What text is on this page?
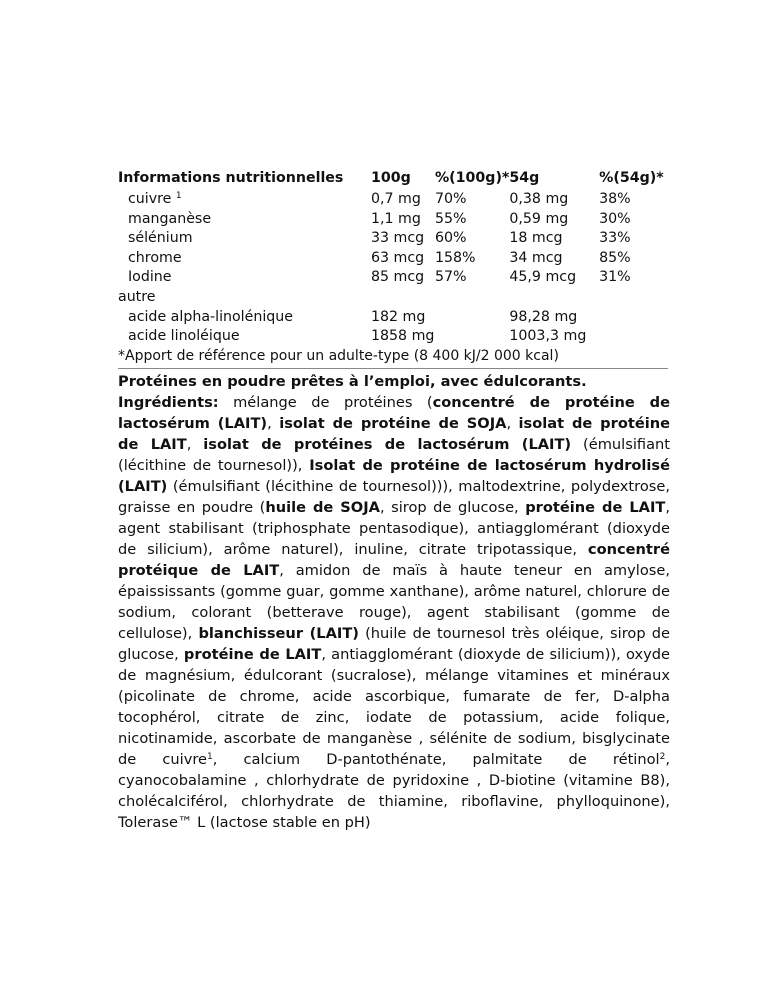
Informations nutritionnelles	100g	%(100g)*	54g	%(54g)*
cuivre $^1$	0,7 mg	70%	0,38 mg	38%
manganèse	1,1 mg	55%	0,59 mg	30%
sélénium	33 mcg	60%	18 mcg	33%
chrome	63 mcg	158%	34 mcg	85%
Iodine	85 mcg	57%	45,9 mcg	31%
autre				
acide alpha-linolénique	182 mg		98,28 mg	
acide linoléique	1858 mg		1003,3 mg	
*Apport de référence pour un adulte-type (8 400 kJ/2 000 kcal)

Protéines en poudre prêtes à l’emploi, avec édulcorants.

Ingrédients: mélange de protéines (concentré de protéine de lactosérum (LAIT), isolat de protéine de SOJA, isolat de protéine de LAIT, isolat de protéines de lactosérum (LAIT) (émulsifiant (lécithine de tournesol)), Isolat de protéine de lactosérum hydrolisé (LAIT) (émulsifiant (lécithine de tournesol))), maltodextrine, polydextrose, graisse en poudre (huile de SOJA, sirop de glucose, protéine de LAIT, agent stabilisant (triphosphate pentasodique), antiagglomérant (dioxyde de silicium), arôme naturel), inuline, citrate tripotassique, concentré protéique de LAIT, amidon de maïs à haute teneur en amylose, épaississants (gomme guar, gomme xanthane), arôme naturel, chlorure de sodium, colorant (betterave rouge), agent stabilisant (gomme de cellulose), blanchisseur (LAIT) (huile de tournesol très oléique, sirop de glucose, protéine de LAIT, antiagglomérant (dioxyde de silicium)), oxyde de magnésium, édulcorant (sucralose), mélange vitamines et minéraux (picolinate de chrome, acide ascorbique, fumarate de fer, D-alpha tocophérol, citrate de zinc, iodate de potassium, acide folique, nicotinamide, ascorbate de manganèse , sélénite de sodium, bisglycinate de cuivre$^1$, calcium D-pantothénate, palmitate de rétinol$^2$, cyanocobalamine , chlorhydrate de pyridoxine , D-biotine (vitamine B8), cholécalciférol, chlorhydrate de thiamine, riboflavine, phylloquinone), Tolerase™ L (lactose stable en pH)
